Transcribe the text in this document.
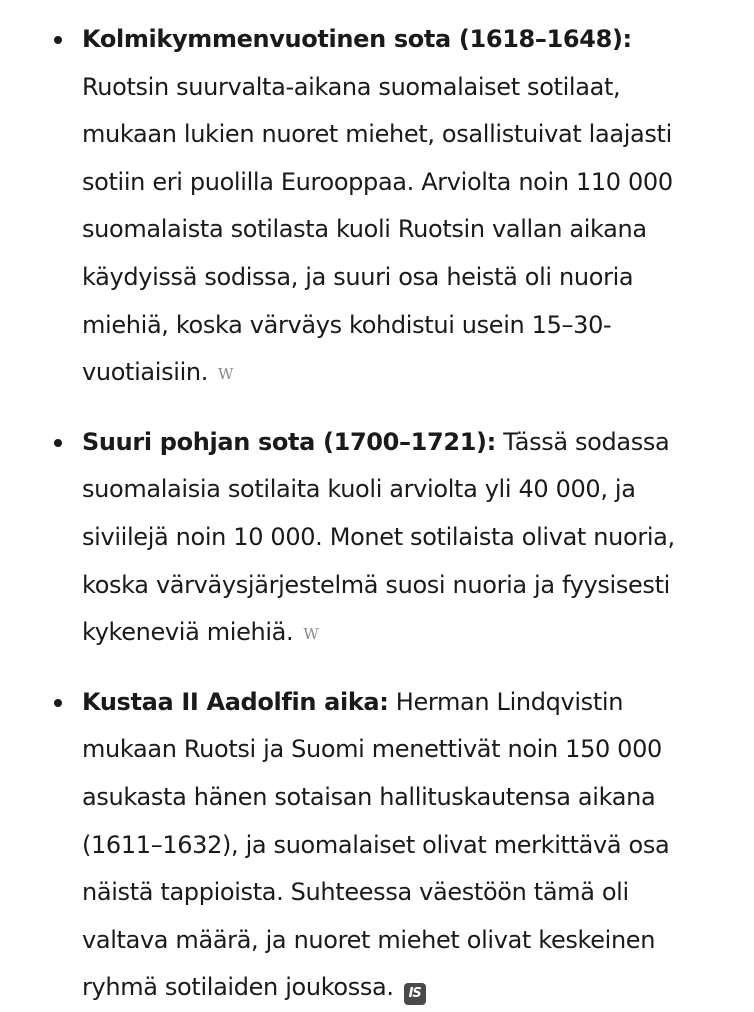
Kolmikymmenvuotinen sota (1618–1648): Ruotsin suurvalta-aikana suomalaiset sotilaat, mukaan lukien nuoret miehet, osallistuivat laajasti sotiin eri puolilla Eurooppaa. Arviolta noin 110 000 suomalaista sotilasta kuoli Ruotsin vallan aikana käydyissä sodissa, ja suuri osa heistä oli nuoria miehiä, koska värväys kohdistui usein 15–30-vuotiaisiin. W
Suuri pohjan sota (1700–1721): Tässä sodassa suomalaisia sotilaita kuoli arviolta yli 40 000, ja siviilejä noin 10 000. Monet sotilaista olivat nuoria, koska värväysjärjestelmä suosi nuoria ja fyysisesti kykeneviä miehiä. W
Kustaa II Aadolfin aika: Herman Lindqvistin mukaan Ruotsi ja Suomi menettivät noin 150 000 asukasta hänen sotaisan hallituskautensa aikana (1611–1632), ja suomalaiset olivat merkittävä osa näistä tappioista. Suhteessa väestöön tämä oli valtava määrä, ja nuoret miehet olivat keskeinen ryhmä sotilaiden joukossa. IS
